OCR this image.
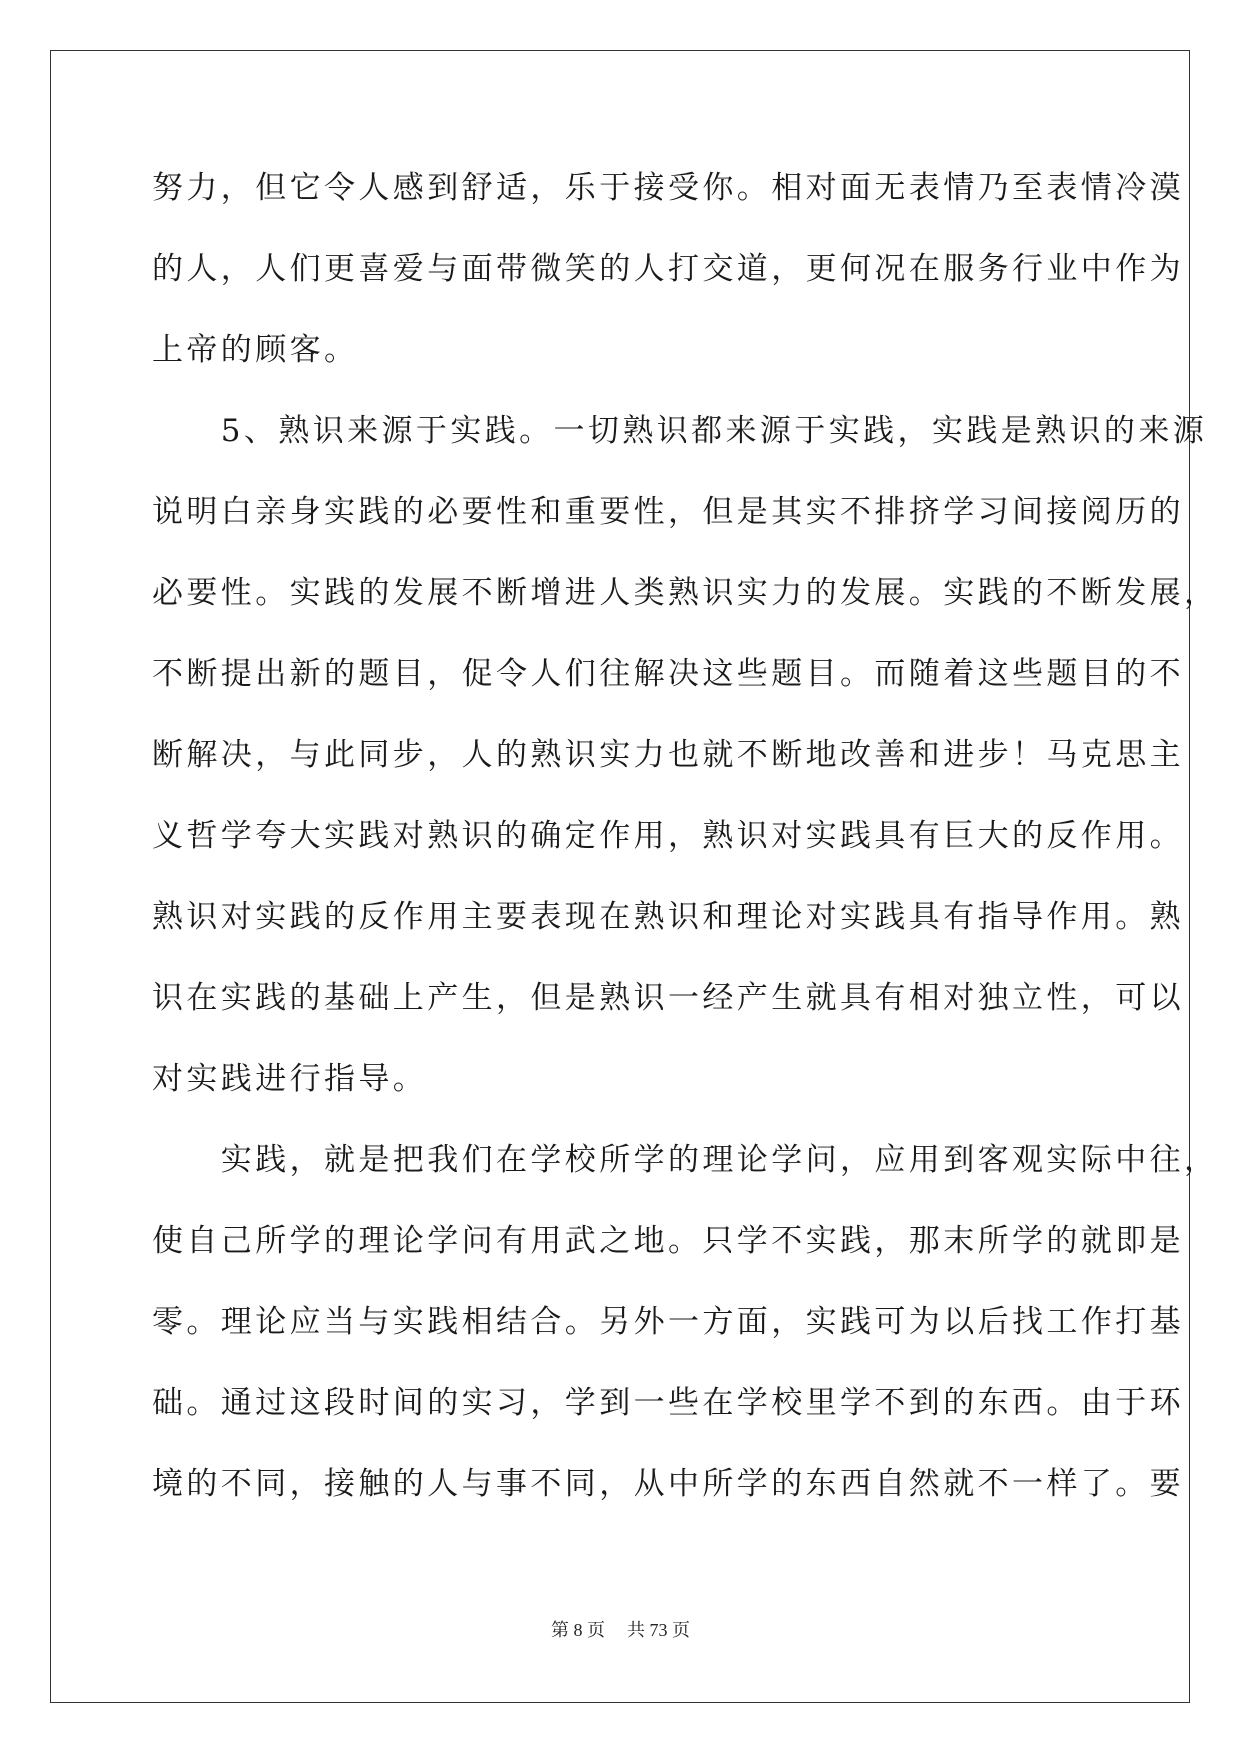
努力，但它令人感到舒适，乐于接受你。相对面无表情乃至表情冷漠
的人，人们更喜爱与面带微笑的人打交道，更何况在服务行业中作为
上帝的顾客。
　　5、熟识来源于实践。一切熟识都来源于实践，实践是熟识的来源
说明白亲身实践的必要性和重要性，但是其实不排挤学习间接阅历的
必要性。实践的发展不断增进人类熟识实力的发展。实践的不断发展，
不断提出新的题目，促令人们往解决这些题目。而随着这些题目的不
断解决，与此同步，人的熟识实力也就不断地改善和进步！马克思主
义哲学夸大实践对熟识的确定作用，熟识对实践具有巨大的反作用。
熟识对实践的反作用主要表现在熟识和理论对实践具有指导作用。熟
识在实践的基础上产生，但是熟识一经产生就具有相对独立性，可以
对实践进行指导。
　　实践，就是把我们在学校所学的理论学问，应用到客观实际中往，
使自己所学的理论学问有用武之地。只学不实践，那末所学的就即是
零。理论应当与实践相结合。另外一方面，实践可为以后找工作打基
础。通过这段时间的实习，学到一些在学校里学不到的东西。由于环
境的不同，接触的人与事不同，从中所学的东西自然就不一样了。要
第 8 页 共 73 页
